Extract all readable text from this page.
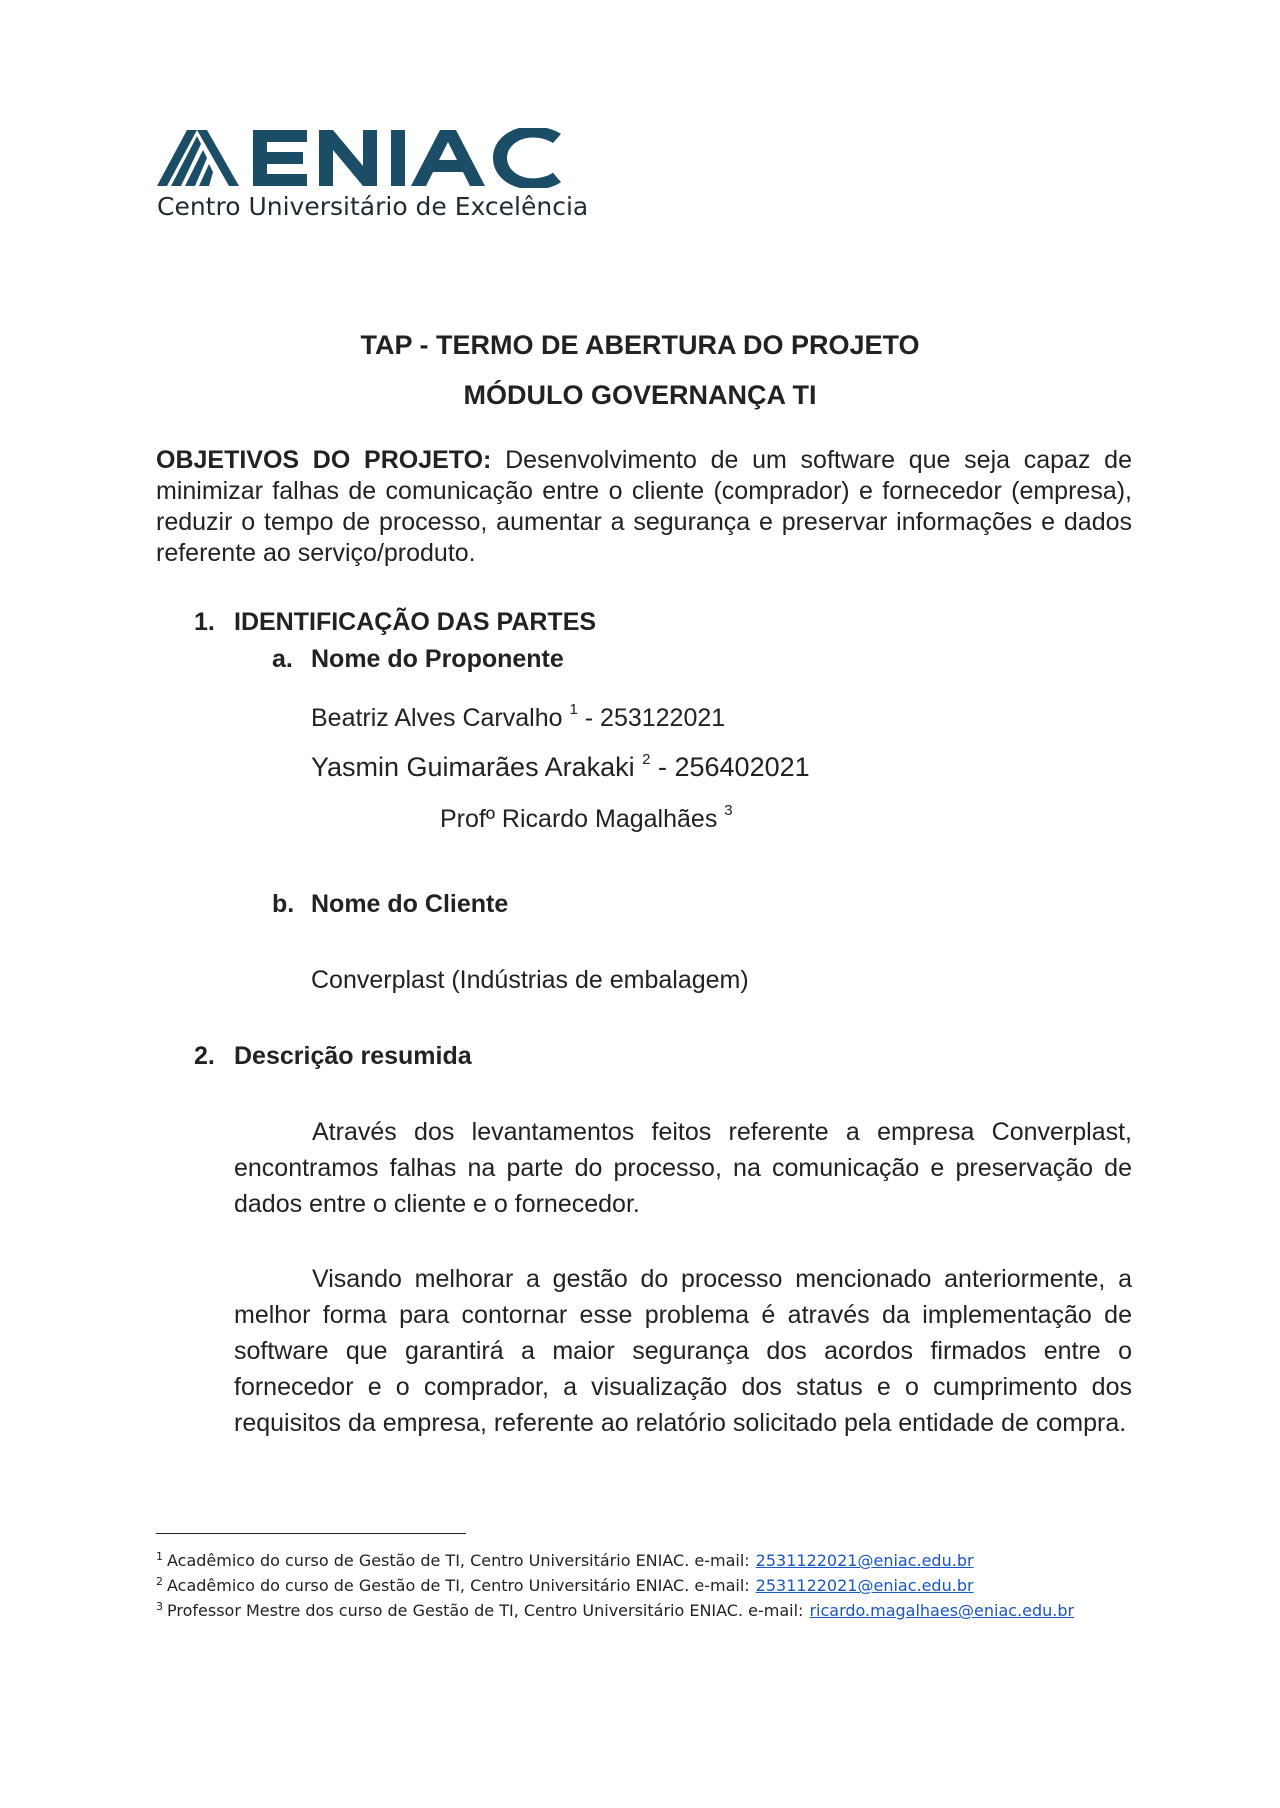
Centro Universitário de Excelência
TAP - TERMO DE ABERTURA DO PROJETO
MÓDULO GOVERNANÇA TI
OBJETIVOS DO PROJETO: Desenvolvimento de um software que seja capaz de minimizar falhas de comunicação entre o cliente (comprador) e fornecedor (empresa), reduzir o tempo de processo, aumentar a segurança e preservar informações e dados referente ao serviço/produto.
1. IDENTIFICAÇÃO DAS PARTES
a. Nome do Proponente
Beatriz Alves Carvalho $^1$ - 253122021
Yasmin Guimarães Arakaki $^2$ - 256402021
Profº Ricardo Magalhães $^3$
b. Nome do Cliente
Converplast (Indústrias de embalagem)
2. Descrição resumida
Através dos levantamentos feitos referente a empresa Converplast, encontramos falhas na parte do processo, na comunicação e preservação de dados entre o cliente e o fornecedor.
Visando melhorar a gestão do processo mencionado anteriormente, a melhor forma para contornar esse problema é através da implementação de software que garantirá a maior segurança dos acordos firmados entre o fornecedor e o comprador, a visualização dos status e o cumprimento dos requisitos da empresa, referente ao relatório solicitado pela entidade de compra.
$^1$ Acadêmico do curso de Gestão de TI, Centro Universitário ENIAC. e-mail: 2531122021@eniac.edu.br
$^2$ Acadêmico do curso de Gestão de TI, Centro Universitário ENIAC. e-mail: 2531122021@eniac.edu.br
$^3$ Professor Mestre dos curso de Gestão de TI, Centro Universitário ENIAC. e-mail: ricardo.magalhaes@eniac.edu.br
